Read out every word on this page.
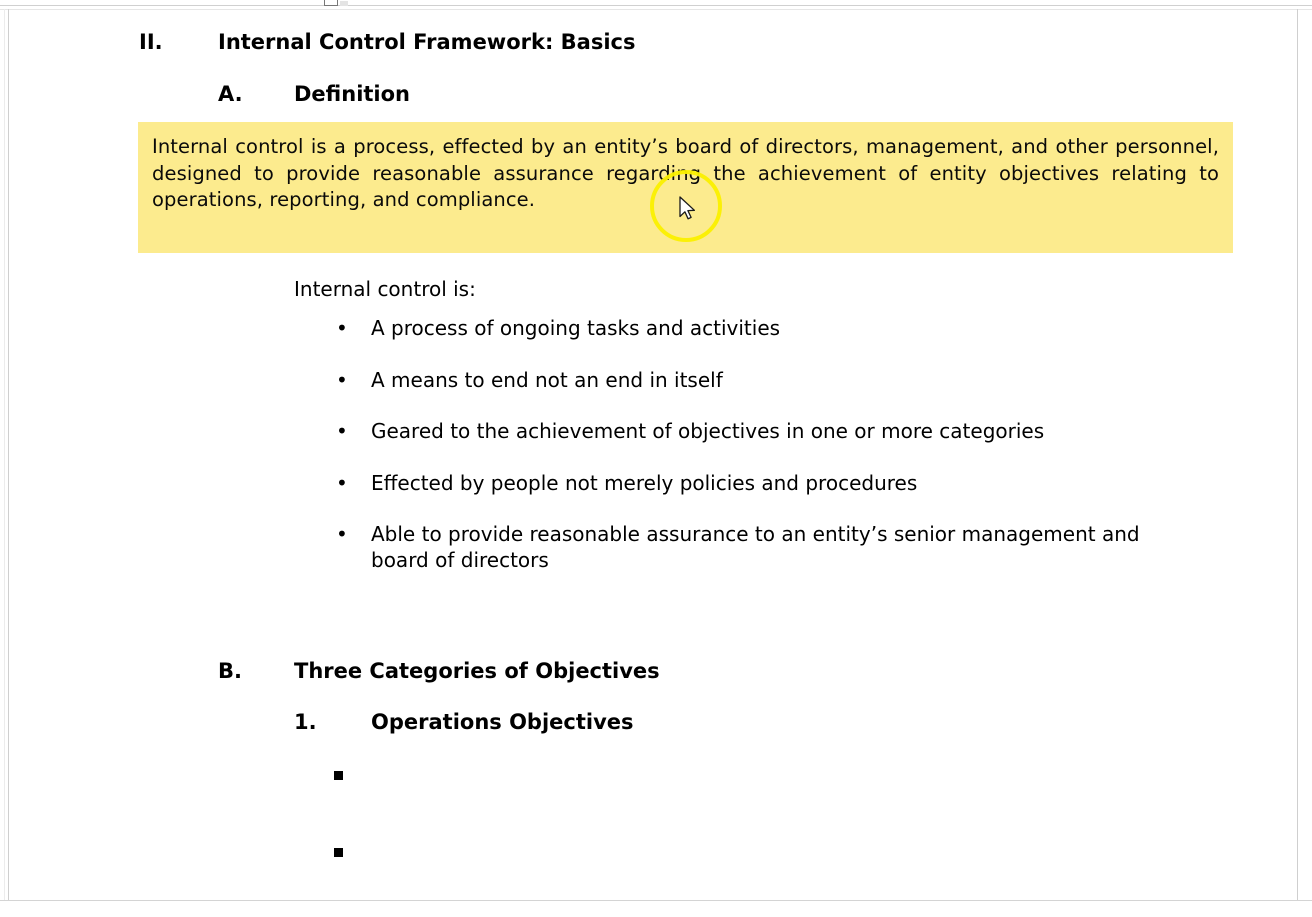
II.	Internal Control Framework: Basics
A.	Definition

Internal control is a process, effected by an entity’s board of directors, management, and other personnel, designed to provide reasonable assurance regarding the achievement of entity objectives relating to operations, reporting, and compliance.

Internal control is:
•	A process of ongoing tasks and activities
•	A means to end not an end in itself
•	Geared to the achievement of objectives in one or more categories
•	Effected by people not merely policies and procedures
•	Able to provide reasonable assurance to an entity’s senior management and board of directors
B.	Three Categories of Objectives
1.	Operations Objectives
